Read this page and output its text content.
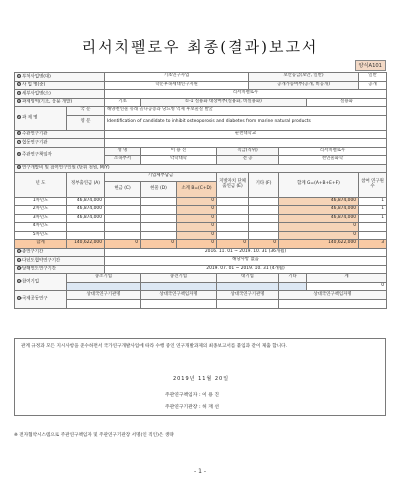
리서치펠로우 최종(결과)보고서
양식A101
1 부처사업명(대)		기초연구사업				보안등급(보안, 일반)			일반
2 사 업 명(중)		학문후속세대연구지원				공개가능여부(공개, 비공개)			공개
3 세부사업명(소)		리서치펠로우							
4 과제영역(기초, 응용 개발)		기초	①-1 실용화 대상여부(실용화, 비실용화)					실용화	
5 과 제 명	국 문	해양천연물 유래 골다공증과 당뇨병 억제 후보물질 발굴							
	영 문	Identification of candidate to inhibit osteoporosis and diabetes from marine natural products							
6 주관연구기관		순천대학교							
7 협동연구기관									
8 주관연구책임자		성 명	이 용 진		직급(직위)		리서치펠로우		
		소속부서	약학대학		전 공		천연물화학		
9 연구개발비 및 참여연구인원 (단위 천원, M/Y)									
년 도	정부출연금 (A)	기업체부담금			지방자치 단체출연금 (E)	기타 (F)	합계 G=(A+B+E+F)		참여 연구원수
		현금 (C)	현물 (D)	소계 B=(C+D)					
1차년도	46,874,000			0			46,874,000		1
2차년도	46,874,000			0			46,874,000		1
3차년도	46,874,000			0			46,874,000		1
4차년도				0			0		
5차년도				0			0		
합계	140,622,000	0	0	0	0	0	140,622,000		3
10총연구기간		2016. 11. 01 ~ 2019. 10. 31 (36개월)							
11다년도협약연구기간		해당사항 없음							
12당해연도연구기간		2019. 07. 01 ~ 2019. 10. 31 (4개월)							
13참여기업	중소기업		중견기업		대기업		기타	계	
								0	
14국제공동연구	상대국연구기관명		상대국연구책임자명		상대국연구기관명		상대국연구책임자명		

관계 규정과 모든 지시사항을 준수하면서 국가연구개발사업에 따라 수행 중인 연구개발과제의 최종보고서를 붙임과 같이 제출 합니다.
2019년 11월 20일
주관연구책임자 : 이 용 진
주관연구기관장 : 허 재 선
※ 전자협약시스템으로 주관연구책임자 및 주관연구기관장 서명(인 직인)은 생략
- 1 -
